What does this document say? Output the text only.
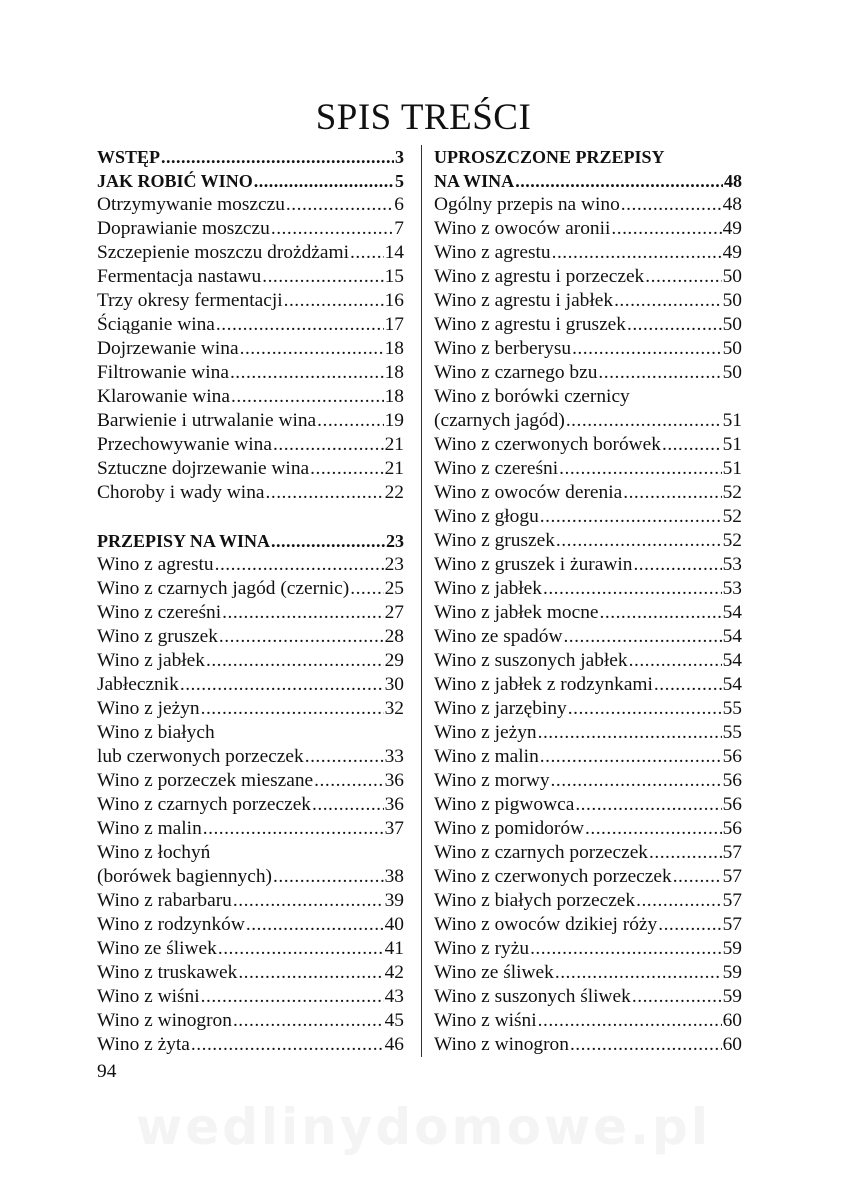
SPIS TREŚCI
WSTĘP .....	3
JAK ROBIĆ WINO .....	5
Otrzymywanie moszczu .....	6
Doprawianie moszczu .....	7
Szczepienie moszczu drożdżami ..... 14
Fermentacja nastawu .....	15
Trzy okresy fermentacji .....	16
Ściąganie wina .....	17
Dojrzewanie wina .....	18
Filtrowanie wina .....	18
Klarowanie wina .....	18
Barwienie i utrwalanie wina .....	19
Przechowywanie wina .....	21
Sztuczne dojrzewanie wina .....	21
Choroby i wady wina .....	22
PRZEPISY NA WINA .....	23
Wino z agrestu .....	23
Wino z czarnych jagód (czernic) ..... 25
Wino z czereśni .....	27
Wino z gruszek .....	28
Wino z jabłek .....	29
Jabłecznik .....	30
Wino z jeżyn .....	32
Wino z białych
lub czerwonych porzeczek .....	33
Wino z porzeczek mieszane .....	36
Wino z czarnych porzeczek .....	36
Wino z malin .....	37
Wino z łochyń
(borówek bagiennych) .....	38
Wino z rabarbaru .....	39
Wino z rodzynków .....	40
Wino ze śliwek .....	41
Wino z truskawek .....	42
Wino z wiśni .....	43
Wino z winogron .....	45
Wino z żyta .....	46
UPROSZCZONE PRZEPISY
NA WINA .....	48
Ogólny przepis na wino .....	48
Wino z owoców aronii .....	49
Wino z agrestu .....	49
Wino z agrestu i porzeczek .....	50
Wino z agrestu i jabłek .....	50
Wino z agrestu i gruszek .....	50
Wino z berberysu .....	50
Wino z czarnego bzu .....	50
Wino z borówki czernicy
(czarnych jagód) .....	51
Wino z czerwonych borówek .....	51
Wino z czereśni .....	51
Wino z owoców derenia .....	52
Wino z głogu .....	52
Wino z gruszek .....	52
Wino z gruszek i żurawin .....	53
Wino z jabłek .....	53
Wino z jabłek mocne .....	54
Wino ze spadów .....	54
Wino z suszonych jabłek .....	54
Wino z jabłek z rodzynkami .....	54
Wino z jarzębiny .....	55
Wino z jeżyn .....	55
Wino z malin .....	56
Wino z morwy .....	56
Wino z pigwowca .....	56
Wino z pomidorów .....	56
Wino z czarnych porzeczek .....	57
Wino z czerwonych porzeczek .....	57
Wino z białych porzeczek .....	57
Wino z owoców dzikiej róży .....	57
Wino z ryżu .....	59
Wino ze śliwek .....	59
Wino z suszonych śliwek .....	59
Wino z wiśni .....	60
Wino z winogron .....	60
94
wedlinydomowe.pl
